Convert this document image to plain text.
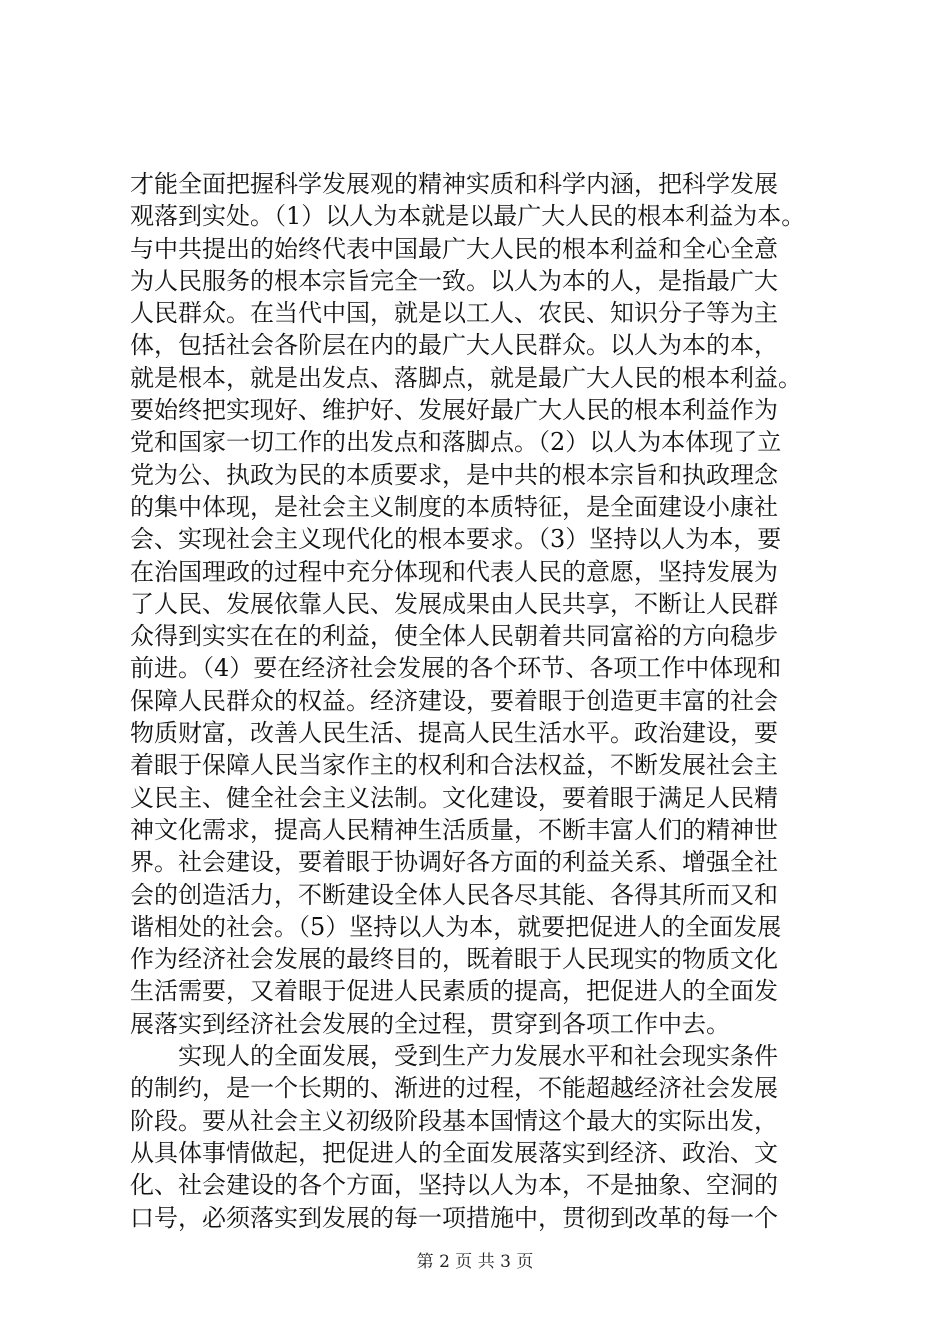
才能全面把握科学发展观的精神实质和科学内涵，把科学发展
观落到实处。（1）以人为本就是以最广大人民的根本利益为本。
与中共提出的始终代表中国最广大人民的根本利益和全心全意
为人民服务的根本宗旨完全一致。以人为本的人，是指最广大
人民群众。在当代中国，就是以工人、农民、知识分子等为主
体，包括社会各阶层在内的最广大人民群众。以人为本的本，
就是根本，就是出发点、落脚点，就是最广大人民的根本利益。
要始终把实现好、维护好、发展好最广大人民的根本利益作为
党和国家一切工作的出发点和落脚点。（2）以人为本体现了立
党为公、执政为民的本质要求，是中共的根本宗旨和执政理念
的集中体现，是社会主义制度的本质特征，是全面建设小康社
会、实现社会主义现代化的根本要求。（3）坚持以人为本，要
在治国理政的过程中充分体现和代表人民的意愿，坚持发展为
了人民、发展依靠人民、发展成果由人民共享，不断让人民群
众得到实实在在的利益，使全体人民朝着共同富裕的方向稳步
前进。（4）要在经济社会发展的各个环节、各项工作中体现和
保障人民群众的权益。经济建设，要着眼于创造更丰富的社会
物质财富，改善人民生活、提高人民生活水平。政治建设，要
着眼于保障人民当家作主的权利和合法权益，不断发展社会主
义民主、健全社会主义法制。文化建设，要着眼于满足人民精
神文化需求，提高人民精神生活质量，不断丰富人们的精神世
界。社会建设，要着眼于协调好各方面的利益关系、增强全社
会的创造活力，不断建设全体人民各尽其能、各得其所而又和
谐相处的社会。（5）坚持以人为本，就要把促进人的全面发展
作为经济社会发展的最终目的，既着眼于人民现实的物质文化
生活需要，又着眼于促进人民素质的提高，把促进人的全面发
展落实到经济社会发展的全过程，贯穿到各项工作中去。
实现人的全面发展，受到生产力发展水平和社会现实条件
的制约，是一个长期的、渐进的过程，不能超越经济社会发展
阶段。要从社会主义初级阶段基本国情这个最大的实际出发，
从具体事情做起，把促进人的全面发展落实到经济、政治、文
化、社会建设的各个方面，坚持以人为本，不是抽象、空洞的
口号，必须落实到发展的每一项措施中，贯彻到改革的每一个
第 2 页 共 3 页
